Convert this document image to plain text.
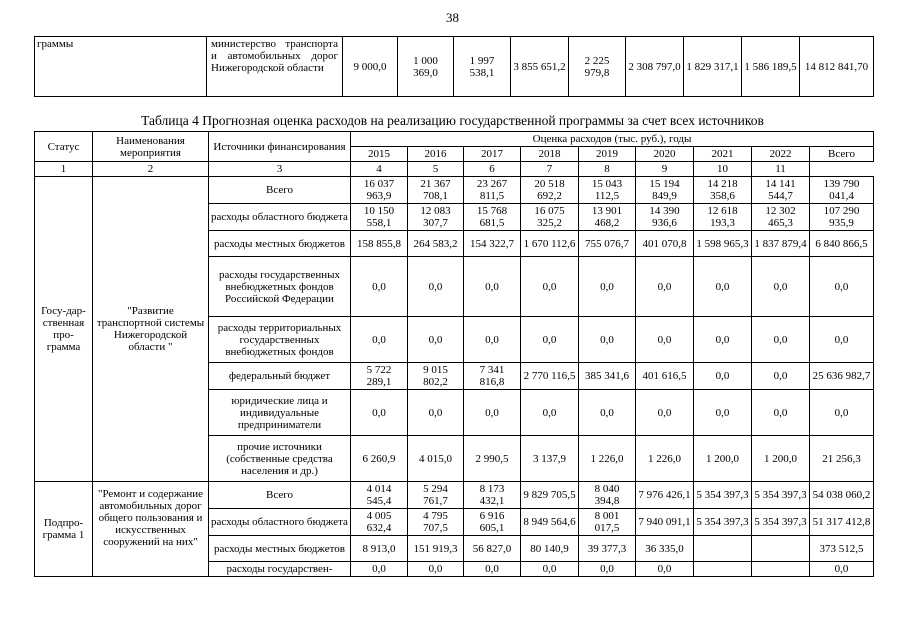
38
граммы	министерство транспорта и автомобильных дорог Нижегородской области	9 000,0	1 000 369,0	1 997 538,1	3 855 651,2	2 225 979,8	2 308 797,0	1 829 317,1	1 586 189,5	14 812 841,70
Таблица 4 Прогнозная оценка расходов на реализацию государственной программы за счет всех источников
Статус	Наименования мероприятия	Источники финансирования	Оценка расходов (тыс. руб.), годы								
			2015	2016	2017	2018	2019	2020	2021	2022	Всего
1	2	3	4	5	6	7	8	9	10	11	
Госу-дар-ственная про-грамма	"Развитие транспортной системы Нижегородской области "	Всего	16 037 963,9	21 367 708,1	23 267 811,5	20 518 692,2	15 043 112,5	15 194 849,9	14 218 358,6	14 141 544,7	139 790 041,4
		расходы областного бюджета	10 150 558,1	12 083 307,7	15 768 681,5	16 075 325,2	13 901 468,2	14 390 936,6	12 618 193,3	12 302 465,3	107 290 935,9
		расходы местных бюджетов	158 855,8	264 583,2	154 322,7	1 670 112,6	755 076,7	401 070,8	1 598 965,3	1 837 879,4	6 840 866,5
		расходы государственных внебюджетных фондов Российской Федерации	0,0	0,0	0,0	0,0	0,0	0,0	0,0	0,0	0,0
		расходы территориальных государственных внебюджетных фондов	0,0	0,0	0,0	0,0	0,0	0,0	0,0	0,0	0,0
		федеральный бюджет	5 722 289,1	9 015 802,2	7 341 816,8	2 770 116,5	385 341,6	401 616,5	0,0	0,0	25 636 982,7
		юридические лица и индивидуальные предприниматели	0,0	0,0	0,0	0,0	0,0	0,0	0,0	0,0	0,0
		прочие источники (собственные средства населения и др.)	6 260,9	4 015,0	2 990,5	3 137,9	1 226,0	1 226,0	1 200,0	1 200,0	21 256,3
Подпро-грамма 1	"Ремонт и содержание автомобильных дорог общего пользования и искусственных сооружений на них"	Всего	4 014 545,4	5 294 761,7	8 173 432,1	9 829 705,5	8 040 394,8	7 976 426,1	5 354 397,3	5 354 397,3	54 038 060,2
		расходы областного бюджета	4 005 632,4	4 795 707,5	6 916 605,1	8 949 564,6	8 001 017,5	7 940 091,1	5 354 397,3	5 354 397,3	51 317 412,8
		расходы местных бюджетов	8 913,0	151 919,3	56 827,0	80 140,9	39 377,3	36 335,0			373 512,5
		расходы государствен-	0,0	0,0	0,0	0,0	0,0	0,0			0,0
